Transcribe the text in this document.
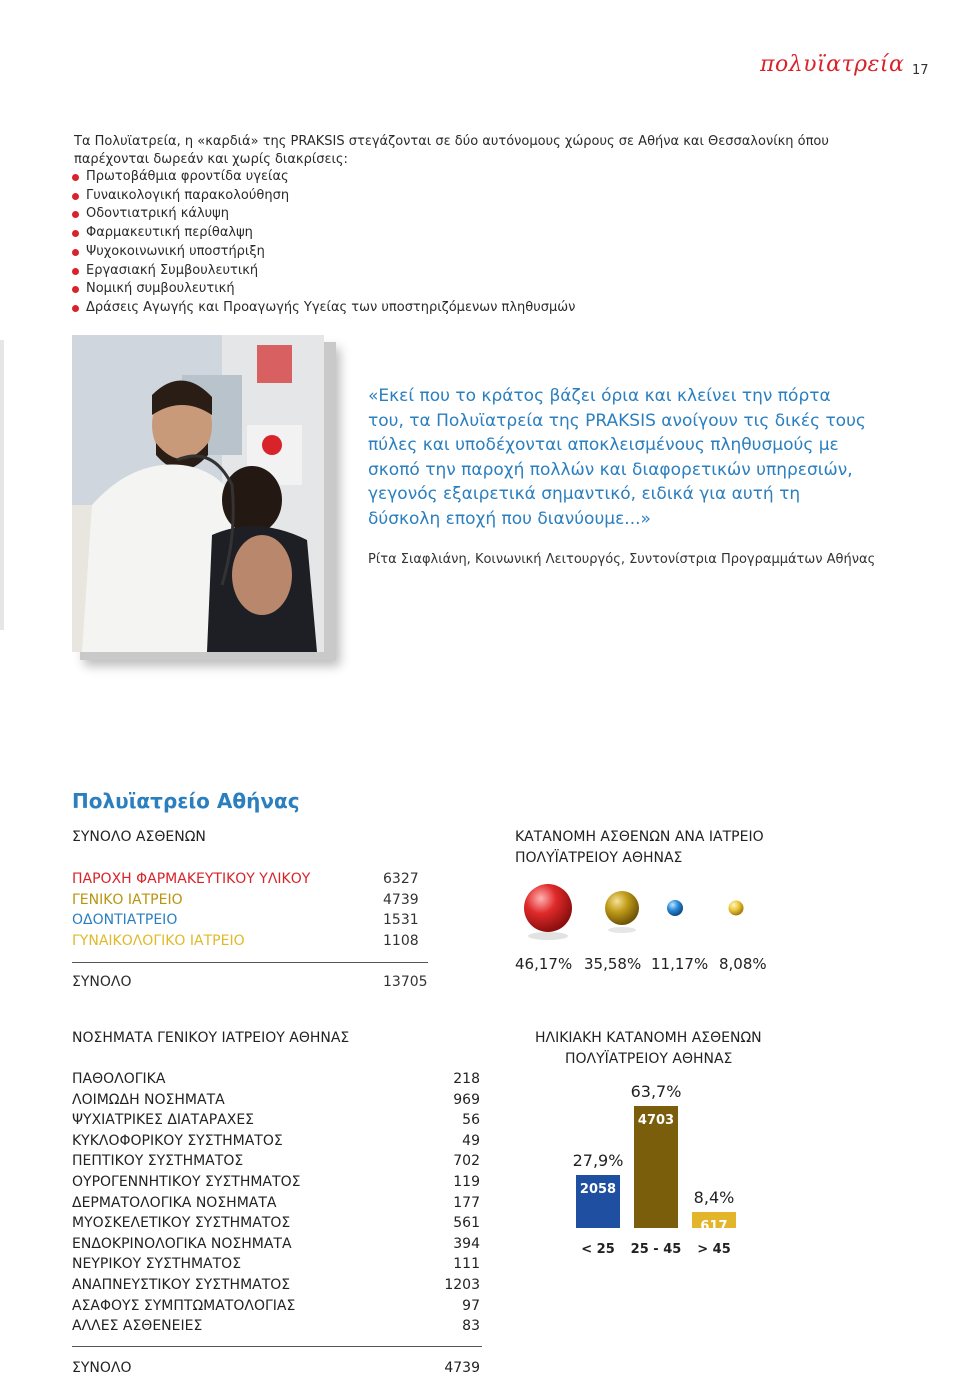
πολυϊατρεία 17
Τα Πολυϊατρεία, η «καρδιά» της PRAKSIS στεγάζονται σε δύο αυτόνομους χώρους σε Αθήνα και Θεσσαλονίκη όπου παρέχονται δωρεάν και χωρίς διακρίσεις:
Πρωτοβάθμια φροντίδα υγείας
Γυναικολογική παρακολούθηση
Οδοντιατρική κάλυψη
Φαρμακευτική περίθαλψη
Ψυχοκοινωνική υποστήριξη
Εργασιακή Συμβουλευτική
Νομική συμβουλευτική
Δράσεις Αγωγής και Προαγωγής Υγείας των υποστηριζόμενων πληθυσμών
«Εκεί που το κράτος βάζει όρια και κλείνει την πόρτα του, τα Πολυϊατρεία της PRAKSIS ανοίγουν τις δικές τους πύλες και υποδέχονται αποκλεισμένους πληθυσμούς με σκοπό την παροχή πολλών και διαφορετικών υπηρεσιών, γεγονός εξαιρετικά σημαντικό, ειδικά για αυτή τη δύσκολη εποχή που διανύουμε...»
Ρίτα Σιαφλιάνη, Κοινωνική Λειτουργός, Συντονίστρια Προγραμμάτων Αθήνας
Πολυϊατρείο Αθήνας
ΣΥΝΟΛΟ ΑΣΘΕΝΩΝ
ΠΑΡΟΧΗ ΦΑΡΜΑΚΕΥΤΙΚΟΥ ΥΛΙΚΟΥ	6327
ΓΕΝΙΚΟ ΙΑΤΡΕΙΟ	4739
ΟΔΟΝΤΙΑΤΡΕΙΟ	1531
ΓΥΝΑΙΚΟΛΟΓΙΚΟ ΙΑΤΡΕΙΟ	1108
ΣΥΝΟΛΟ	13705
ΚΑΤΑΝΟΜΗ ΑΣΘΕΝΩΝ ΑΝΑ ΙΑΤΡΕΙΟ
ΠΟΛΥΪΑΤΡΕΙΟΥ ΑΘΗΝΑΣ
46,17% 35,58% 11,17% 8,08%
ΝΟΣΗΜΑΤΑ ΓΕΝΙΚΟΥ ΙΑΤΡΕΙΟΥ ΑΘΗΝΑΣ
ΠΑΘΟΛΟΓΙΚΑ	218
ΛΟΙΜΩΔΗ ΝΟΣΗΜΑΤΑ	969
ΨΥΧΙΑΤΡΙΚΕΣ ΔΙΑΤΑΡΑΧΕΣ	56
ΚΥΚΛΟΦΟΡΙΚΟΥ ΣΥΣΤΗΜΑΤΟΣ	49
ΠΕΠΤΙΚΟΥ ΣΥΣΤΗΜΑΤΟΣ	702
ΟΥΡΟΓΕΝΝΗΤΙΚΟΥ ΣΥΣΤΗΜΑΤΟΣ	119
ΔΕΡΜΑΤΟΛΟΓΙΚΑ ΝΟΣΗΜΑΤΑ	177
ΜΥΟΣΚΕΛΕΤΙΚΟΥ ΣΥΣΤΗΜΑΤΟΣ	561
ΕΝΔΟΚΡΙΝΟΛΟΓΙΚΑ ΝΟΣΗΜΑΤΑ	394
ΝΕΥΡΙΚΟΥ ΣΥΣΤΗΜΑΤΟΣ	111
ΑΝΑΠΝΕΥΣΤΙΚΟΥ ΣΥΣΤΗΜΑΤΟΣ	1203
ΑΣΑΦΟΥΣ ΣΥΜΠΤΩΜΑΤΟΛΟΓΙΑΣ	97
ΑΛΛΕΣ ΑΣΘΕΝΕΙΕΣ	83
ΣΥΝΟΛΟ	4739
ΗΛΙΚΙΑΚΗ ΚΑΤΑΝΟΜΗ ΑΣΘΕΝΩΝ
ΠΟΛΥΪΑΤΡΕΙΟΥ ΑΘΗΝΑΣ
2058
27,9%
< 25
4703
63,7%
25 - 45
617
8,4%
> 45
